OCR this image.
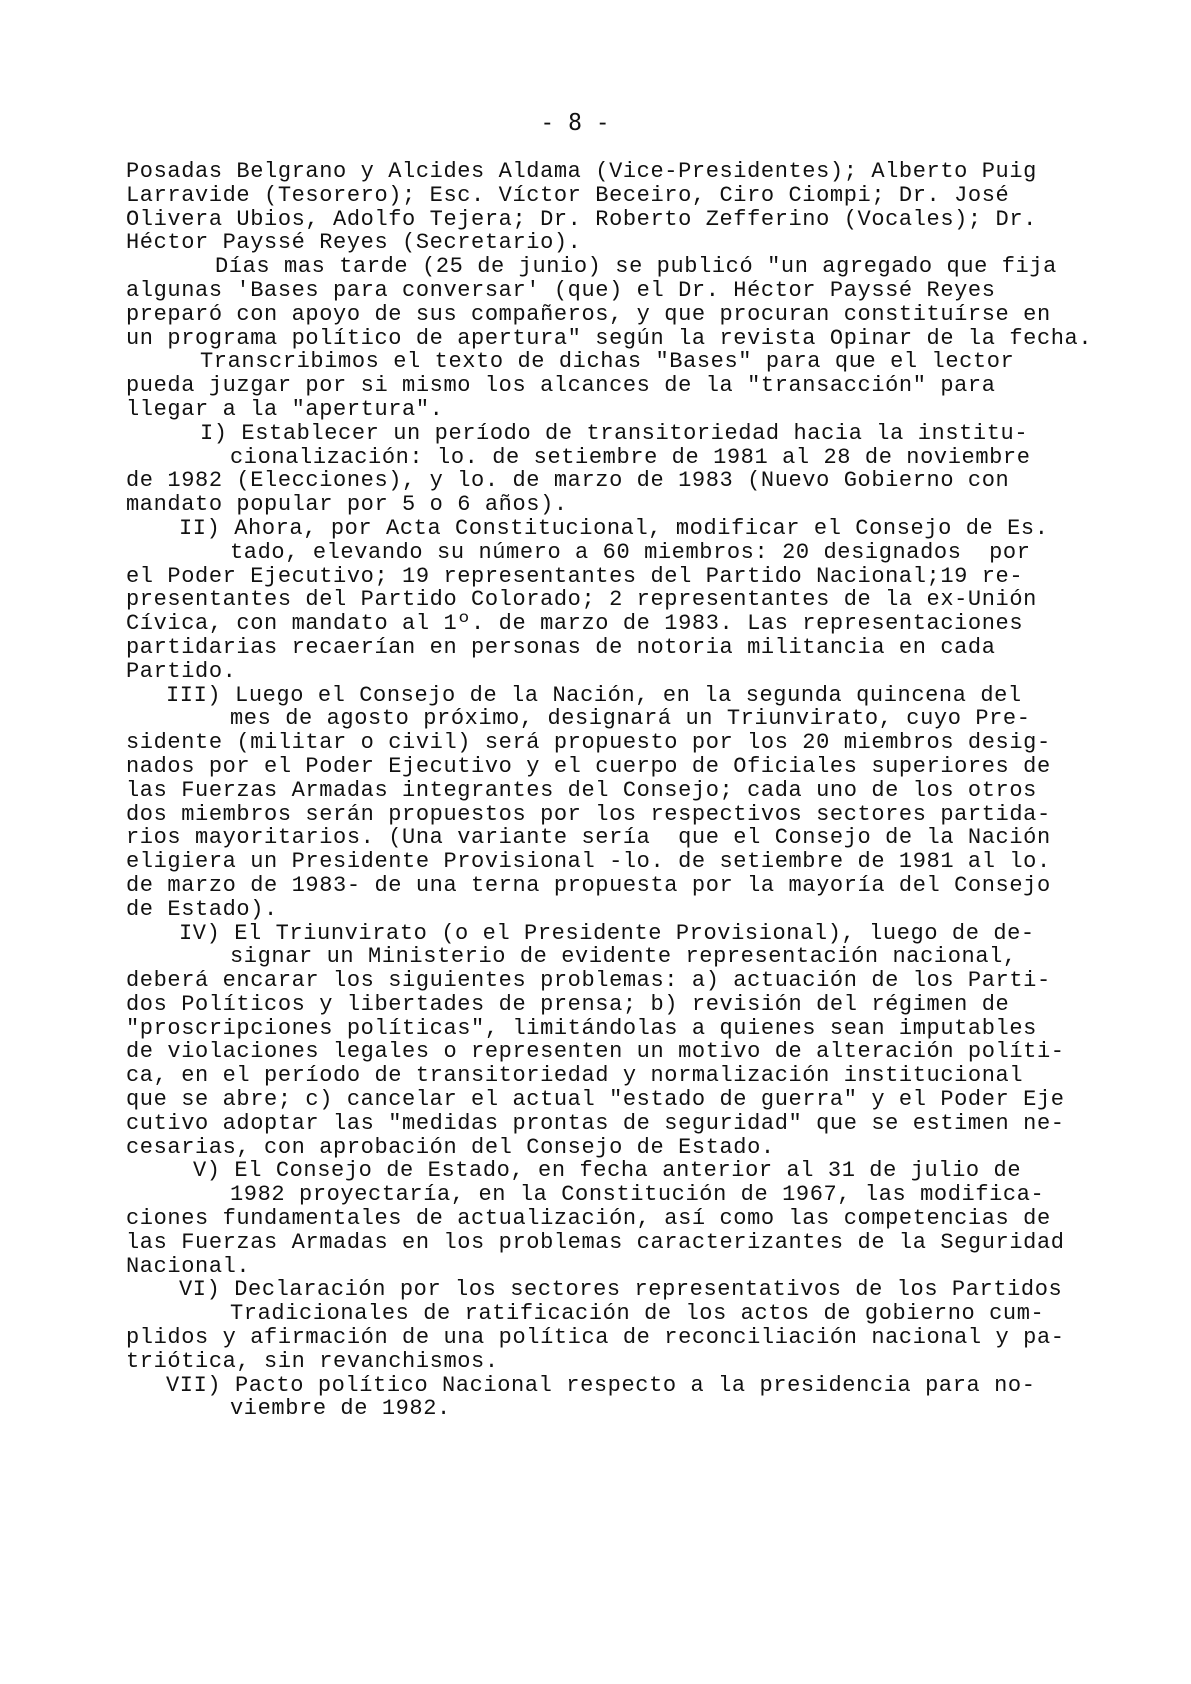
- 8 -
Posadas Belgrano y Alcides Aldama (Vice-Presidentes); Alberto Puig
Larravide (Tesorero); Esc. Víctor Beceiro, Ciro Ciompi; Dr. José
Olivera Ubios, Adolfo Tejera; Dr. Roberto Zefferino (Vocales); Dr.
Héctor Payssé Reyes (Secretario).
Días mas tarde (25 de junio) se publicó "un agregado que fija
algunas 'Bases para conversar' (que) el Dr. Héctor Payssé Reyes
preparó con apoyo de sus compañeros, y que procuran constituírse en
un programa político de apertura" según la revista Opinar de la fecha.
Transcribimos el texto de dichas "Bases" para que el lector
pueda juzgar por si mismo los alcances de la "transacción" para
llegar a la "apertura".
I) Establecer un período de transitoriedad hacia la institu-
cionalización: lo. de setiembre de 1981 al 28 de noviembre
de 1982 (Elecciones), y lo. de marzo de 1983 (Nuevo Gobierno con
mandato popular por 5 o 6 años).
II) Ahora, por Acta Constitucional, modificar el Consejo de Es.
tado, elevando su número a 60 miembros: 20 designados  por
el Poder Ejecutivo; 19 representantes del Partido Nacional;19 re-
presentantes del Partido Colorado; 2 representantes de la ex-Unión
Cívica, con mandato al 1º. de marzo de 1983. Las representaciones
partidarias recaerían en personas de notoria militancia en cada
Partido.
III) Luego el Consejo de la Nación, en la segunda quincena del
mes de agosto próximo, designará un Triunvirato, cuyo Pre-
sidente (militar o civil) será propuesto por los 20 miembros desig-
nados por el Poder Ejecutivo y el cuerpo de Oficiales superiores de
las Fuerzas Armadas integrantes del Consejo; cada uno de los otros
dos miembros serán propuestos por los respectivos sectores partida-
rios mayoritarios. (Una variante sería  que el Consejo de la Nación
eligiera un Presidente Provisional -lo. de setiembre de 1981 al lo.
de marzo de 1983- de una terna propuesta por la mayoría del Consejo
de Estado).
IV) El Triunvirato (o el Presidente Provisional), luego de de-
signar un Ministerio de evidente representación nacional,
deberá encarar los siguientes problemas: a) actuación de los Parti-
dos Políticos y libertades de prensa; b) revisión del régimen de
"proscripciones políticas", limitándolas a quienes sean imputables
de violaciones legales o representen un motivo de alteración políti-
ca, en el período de transitoriedad y normalización institucional
que se abre; c) cancelar el actual "estado de guerra" y el Poder Eje
cutivo adoptar las "medidas prontas de seguridad" que se estimen ne-
cesarias, con aprobación del Consejo de Estado.
V) El Consejo de Estado, en fecha anterior al 31 de julio de
1982 proyectaría, en la Constitución de 1967, las modifica-
ciones fundamentales de actualización, así como las competencias de
las Fuerzas Armadas en los problemas caracterizantes de la Seguridad
Nacional.
VI) Declaración por los sectores representativos de los Partidos
Tradicionales de ratificación de los actos de gobierno cum-
plidos y afirmación de una política de reconciliación nacional y pa-
triótica, sin revanchismos.
VII) Pacto político Nacional respecto a la presidencia para no-
viembre de 1982.
